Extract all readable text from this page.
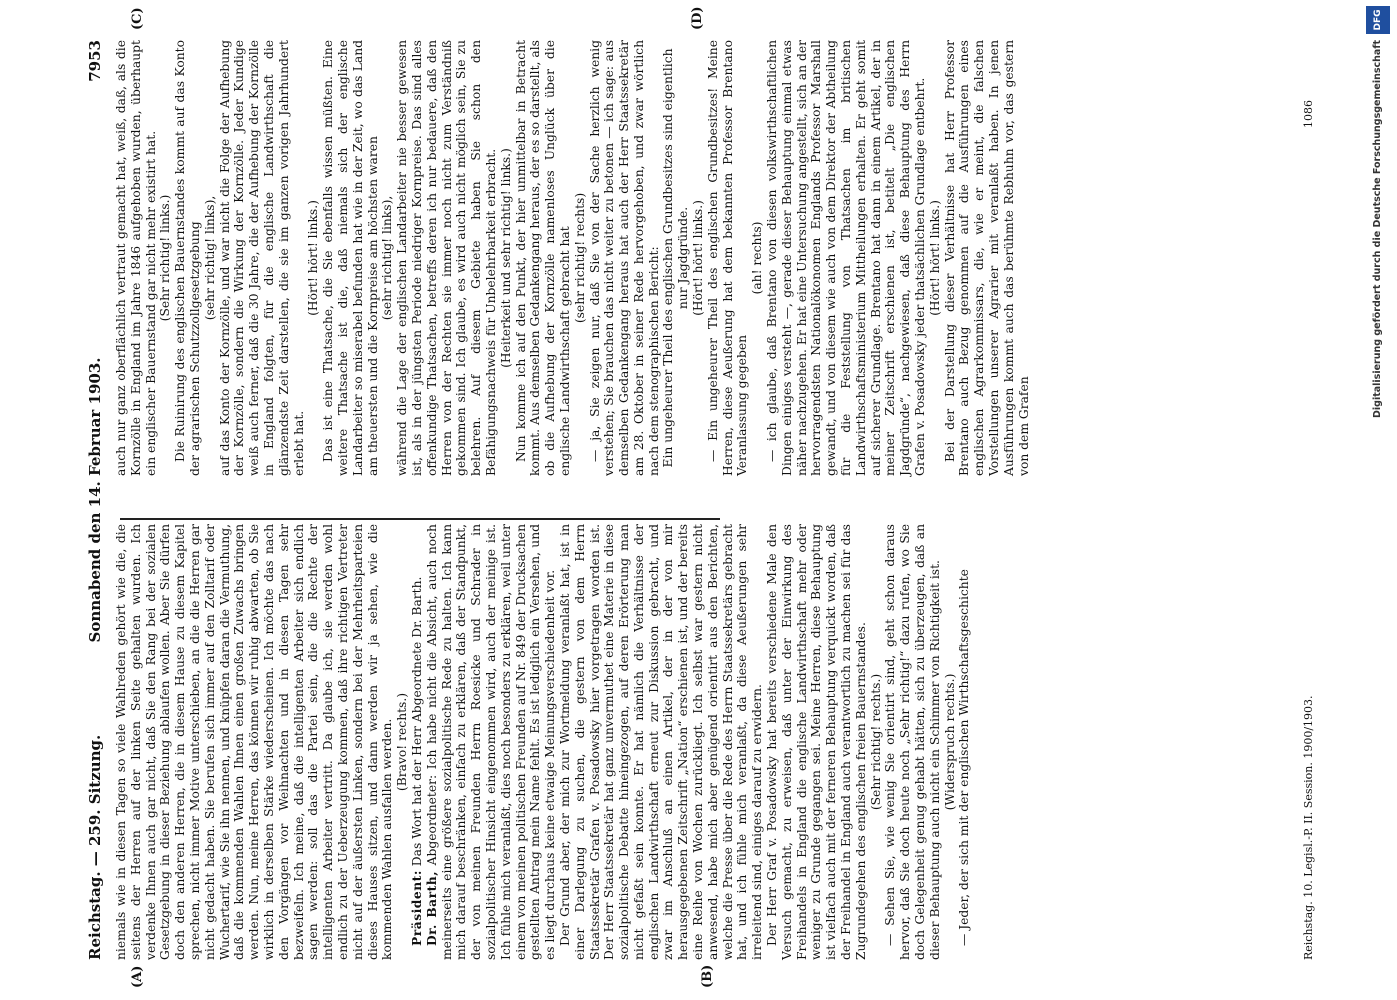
Reichstag. — 259. Sitzung.
Sonnabend den 14. Februar 1903.
7953
(A)	(B)
(C)	(D)

niemals wie in diesen Tagen so viele Wahlreden gehört wie die, die seitens der Herren auf der linken Seite gehalten wurden. Ich verdenke Ihnen auch gar nicht, daß Sie den Rang bei der sozialen Gesetzgebung in dieser Beziehung ablaufen wollen. Aber Sie dürfen doch den anderen Herren, die in diesem Hause zu diesem Kapitel sprechen, nicht immer Motive unterschieben, an die die Herren gar nicht gedacht haben. Sie berufen sich immer auf den Zolltarif oder Wuchertarif, wie Sie ihn nennen, und knüpfen daran die Vermuthung, daß die kommenden Wahlen Ihnen einen großen Zuwachs bringen werden. Nun, meine Herren, das können wir ruhig abwarten, ob Sie wirklich in derselben Stärke wiederscheinen. Ich möchte das nach den Vorgängen vor Weihnachten und in diesen Tagen sehr bezweifeln. Ich meine, daß die intelligenten Arbeiter sich endlich sagen werden: soll das die Partei sein, die die Rechte der intelligenten Arbeiter vertritt. Da glaube ich, sie werden wohl endlich zu der Ueberzeugung kommen, daß ihre richtigen Vertreter nicht auf der äußersten Linken, sondern bei der Mehrheitsparteien dieses Hauses sitzen, und dann werden wir ja sehen, wie die kommenden Wahlen ausfallen werden. (Bravo! rechts.)

Präsident: Das Wort hat der Herr Abgeordnete Dr. Barth.

Dr. Barth, Abgeordneter: Ich habe nicht die Absicht, auch noch meinerseits eine größere sozialpolitische Rede zu halten. Ich kann mich darauf beschränken, einfach zu erklären, daß der Standpunkt, der von meinen Freunden Herrn Roesicke und Schrader in sozialpolitischer Hinsicht eingenommen wird, auch der meinige ist. Ich fühle mich veranlaßt, dies noch besonders zu erklären, weil unter einem von meinen politischen Freunden auf Nr. 849 der Drucksachen gestellten Antrag mein Name fehlt. Es ist lediglich ein Versehen, und es liegt durchaus keine etwaige Meinungsverschiedenheit vor. Der Grund aber, der mich zur Wortmeldung veranlaßt hat, ist in einer Darlegung zu suchen, die gestern von dem Herrn Staatssekretär Grafen v. Posadowsky hier vorgetragen worden ist. Der Herr Staatssekretär hat ganz unvermuthet eine Materie in diese sozialpolitische Debatte hineingezogen, auf deren Erörterung man nicht gefaßt sein konnte. Er hat nämlich die Verhältnisse der englischen Landwirthschaft erneut zur Diskussion gebracht, und zwar im Anschluß an einen Artikel, der in der von mir herausgegebenen Zeitschrift „Nation“ erschienen ist, und der bereits eine Reihe von Wochen zurückliegt. Ich selbst war gestern nicht anwesend, habe mich aber genügend orientirt aus den Berichten, welche die Presse über die Rede des Herrn Staatssekretärs gebracht hat, und ich fühle mich veranlaßt, da diese Aeußerungen sehr irreleitend sind, einiges darauf zu erwidern. Der Herr Graf v. Posadowsky hat bereits verschiedene Male den Versuch gemacht, zu erweisen, daß unter der Einwirkung des Freihandels in England die englische Landwirthschaft mehr oder weniger zu Grunde gegangen sei. Meine Herren, diese Behauptung ist vielfach auch mit der ferneren Behauptung verquickt worden, daß der Freihandel in England auch verantwortlich zu machen sei für das Zugrundegehen des englischen freien Bauernstandes. (Sehr richtig! rechts.) — Sehen Sie, wie wenig Sie orientirt sind, geht schon daraus hervor, daß Sie doch heute noch „Sehr richtig!“ dazu rufen, wo Sie doch Gelegenheit genug gehabt hätten, sich zu überzeugen, daß an dieser Behauptung auch nicht ein Schimmer von Richtigkeit ist. (Widerspruch rechts.) — Jeder, der sich mit der englischen Wirthschaftsgeschichte

auch nur ganz oberflächlich vertraut gemacht hat, weiß, daß, als die Kornzölle in England im Jahre 1846 aufgehoben wurden, überhaupt ein englischer Bauernstand gar nicht mehr existirt hat. (Sehr richtig! links.) Die Ruinirung des englischen Bauernstandes kommt auf das Konto der agrarischen Schutzzollgesetzgebung (sehr richtig! links), auf das Konto der Kornzölle, und war nicht die Folge der Aufhebung der Kornzölle, sondern die Wirkung der Kornzölle. Jeder Kundige weiß auch ferner, daß die 30 Jahre, die der Aufhebung der Kornzölle in England folgten, für die englische Landwirthschaft die glänzendste Zeit darstellen, die sie im ganzen vorigen Jahrhundert erlebt hat.

(Hört! hört! links.) Das ist eine Thatsache, die Sie ebenfalls wissen müßten. Eine weitere Thatsache ist die, daß niemals sich der englische Landarbeiter so miserabel befunden hat wie in der Zeit, wo das Land am theuersten und die Kornpreise am höchsten waren (sehr richtig! links), während die Lage der englischen Landarbeiter nie besser gewesen ist, als in der jüngsten Periode niedriger Kornpreise. Das sind alles offenkundige Thatsachen, betreffs deren ich nur bedauere, daß den Herren von der Rechten sie immer noch nicht zum Verständniß gekommen sind. Ich glaube, es wird auch nicht möglich sein, Sie zu belehren. Auf diesem Gebiete haben Sie schon den Befähigungsnachweis für Unbelehrbarkeit erbracht. (Heiterkeit und sehr richtig! links.) Nun komme ich auf den Punkt, der hier unmittelbar in Betracht kommt. Aus demselben Gedankengang heraus, der es so darstellt, als ob die Aufhebung der Kornzölle namenloses Unglück über die englische Landwirthschaft gebracht hat (sehr richtig! rechts) — ja, Sie zeigen nur, daß Sie von der Sache herzlich wenig verstehen; Sie brauchen das nicht weiter zu betonen — ich sage: aus demselben Gedankengang heraus hat auch der Herr Staatssekretär am 28. Oktober in seiner Rede hervorgehoben, und zwar wörtlich nach dem stenographischen Bericht: Ein ungeheurer Theil des englischen Grundbesitzes sind eigentlich nur Jagdgründe. (Hört! hört! links.) — Ein ungeheurer Theil des englischen Grundbesitzes! Meine Herren, diese Aeußerung hat dem bekannten Professor Brentano Veranlassung gegeben

(ah! rechts) — ich glaube, daß Brentano von diesen volkswirthschaftlichen Dingen einiges versteht —, gerade dieser Behauptung einmal etwas näher nachzugehen. Er hat eine Untersuchung angestellt, sich an der hervorragendsten Nationalökonomen Englands Professor Marshall gewandt, und von diesem wie auch von dem Direktor der Abtheilung für die Feststellung von Thatsachen im britischen Landwirthschaftsministerium Mittheilungen erhalten. Er geht somit auf sicherer Grundlage. Brentano hat dann in einem Artikel, der in meiner Zeitschrift erschienen ist, betitelt „Die englischen Jagdgründe“, nachgewiesen, daß diese Behauptung des Herrn Grafen v. Posadowsky jeder thatsächlichen Grundlage entbehrt. (Hört! hört! links.) Bei der Darstellung dieser Verhältnisse hat Herr Professor Brentano auch Bezug genommen auf die Ausführungen eines englischen Agrarkommissars, die, wie er meint, die falschen Vorstellungen unserer Agrarier mit veranlaßt haben. In jenen Ausführungen kommt auch das berühmte Rebhuhn vor, das gestern von dem Grafen

Reichstag. 10. Legisl.-P. II. Session. 1900/1903.
1086	Digitalisierung gefördert durch die Deutsche Forschungsgemeinschaft
DFG
